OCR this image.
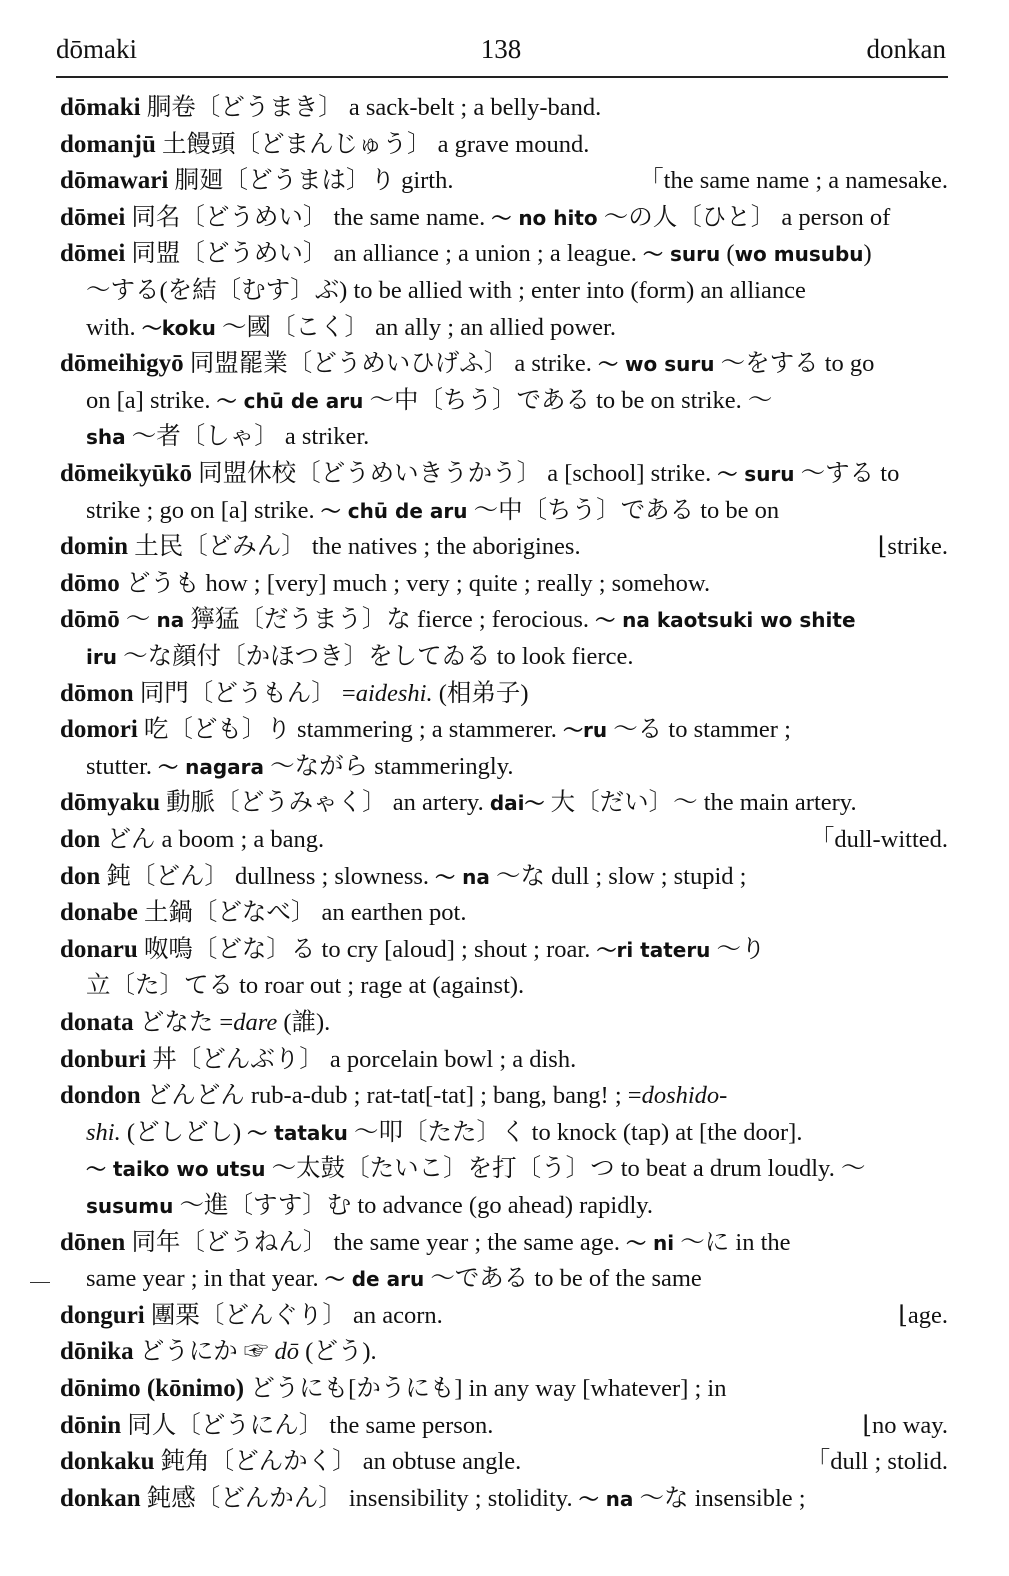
dōmaki	138	donkan
dōmaki 胴卷〔どうまき〕 a sack-belt ; a belly-band.
domanjū 土饅頭〔どまんじゅう〕 a grave mound.
dōmawari 胴廻〔どうまは〕り girth.	「the same name ; a namesake.
dōmei 同名〔どうめい〕 the same name. ～ no hito ～の人〔ひと〕 a person of
dōmei 同盟〔どうめい〕 an alliance ; a union ; a league. ～ suru (wo musubu)
～する(を結〔むす〕ぶ) to be allied with ; enter into (form) an alliance
with. ～koku ～國〔こく〕 an ally ; an allied power.
dōmeihigyō 同盟罷業〔どうめいひげふ〕 a strike. ～ wo suru ～をする to go
on [a] strike. ～ chū de aru ～中〔ちう〕である to be on strike. ～
sha ～者〔しゃ〕 a striker.
dōmeikyūkō 同盟休校〔どうめいきうかう〕 a [school] strike. ～ suru ～する to
strike ; go on [a] strike. ～ chū de aru ～中〔ちう〕である to be on
domin 土民〔どみん〕 the natives ; the aborigines.	⌊strike.
dōmo どうも how ; [very] much ; very ; quite ; really ; somehow.
dōmō ～ na 獰猛〔だうまう〕な fierce ; ferocious. ～ na kaotsuki wo shite
iru ～な顔付〔かほつき〕をしてゐる to look fierce.
dōmon 同門〔どうもん〕 =aideshi. (相弟子)
domori 吃〔ども〕り stammering ; a stammerer. ～ru ～る to stammer ;
stutter. ～ nagara ～ながら stammeringly.
dōmyaku 動脈〔どうみゃく〕 an artery. dai～ 大〔だい〕～ the main artery.
don どん a boom ; a bang.	「dull-witted.
don 鈍〔どん〕 dullness ; slowness. ～ na ～な dull ; slow ; stupid ;
donabe 土鍋〔どなべ〕 an earthen pot.
donaru 呶鳴〔どな〕る to cry [aloud] ; shout ; roar. ～ri tateru ～り
立〔た〕てる to roar out ; rage at (against).
donata どなた =dare (誰).
donburi 丼〔どんぶり〕 a porcelain bowl ; a dish.
dondon どんどん rub-a-dub ; rat-tat[-tat] ; bang, bang! ; =doshido-
shi. (どしどし) ～ tataku ～叩〔たた〕く to knock (tap) at [the door].
～ taiko wo utsu ～太鼓〔たいこ〕を打〔う〕つ to beat a drum loudly. ～
susumu ～進〔すす〕む to advance (go ahead) rapidly.
dōnen 同年〔どうねん〕 the same year ; the same age. ～ ni ～に in the
same year ; in that year. ～ de aru ～である to be of the same
donguri 團栗〔どんぐり〕 an acorn.	⌊age.
dōnika どうにか ☞ dō (どう).
dōnimo (kōnimo) どうにも[かうにも] in any way [whatever] ; in
dōnin 同人〔どうにん〕 the same person.	⌊no way.
donkaku 鈍角〔どんかく〕 an obtuse angle.	「dull ; stolid.
donkan 鈍感〔どんかん〕 insensibility ; stolidity. ～ na ～な insensible ;
